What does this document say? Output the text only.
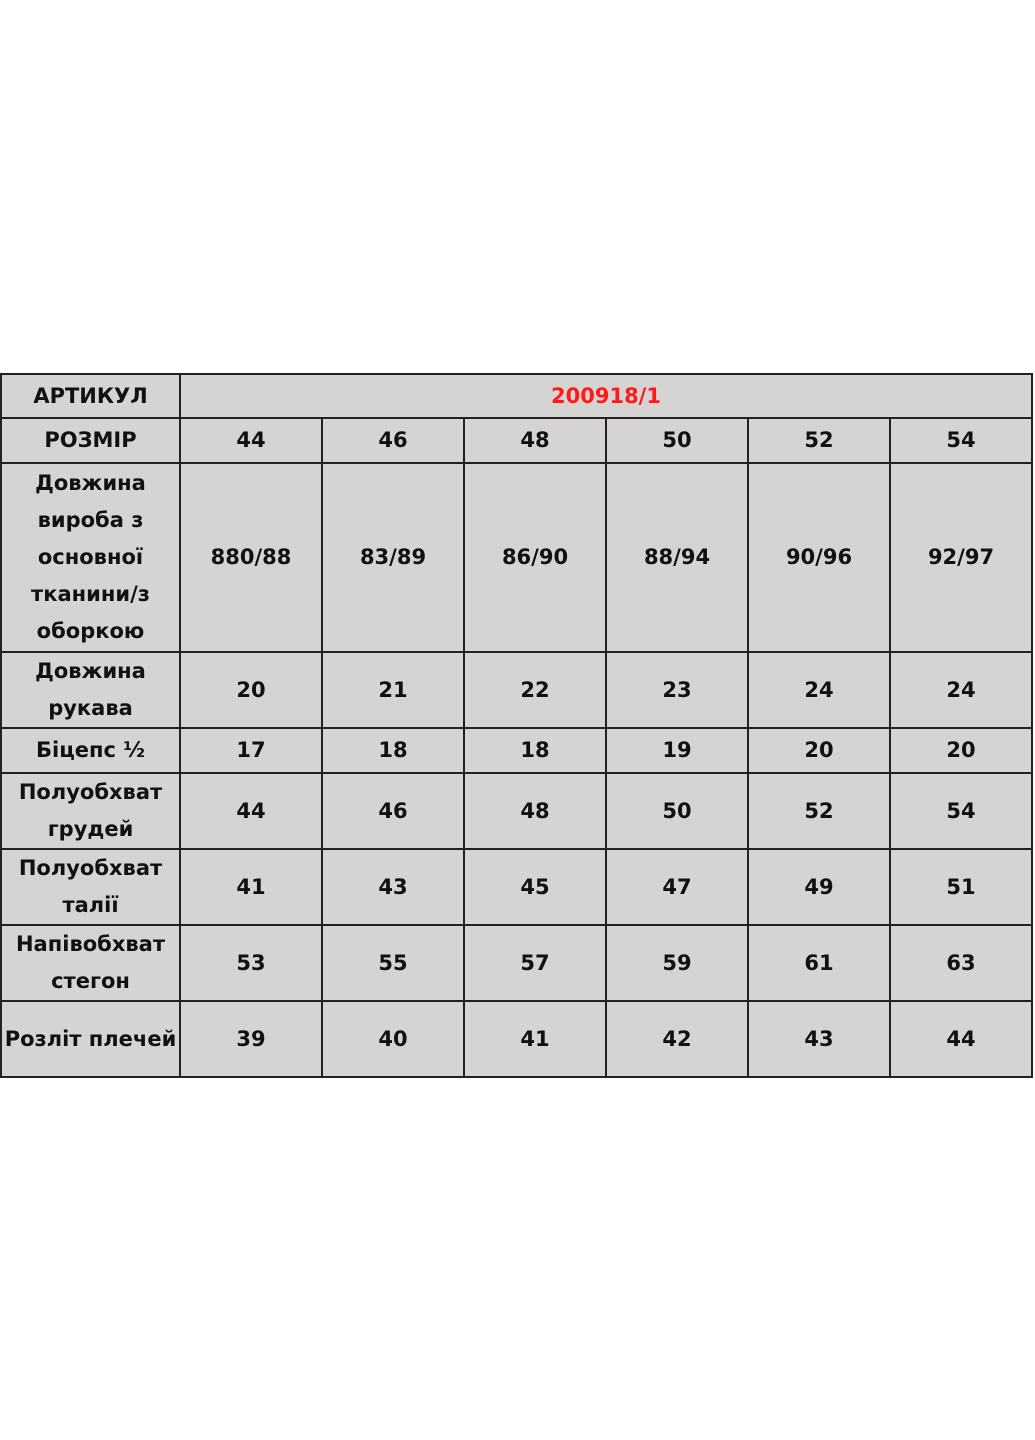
АРТИКУЛ	200918/1					
РОЗМІР	44	46	48	50	52	54
Довжина виробa з основної тканини/з оборкою	880/88	83/89	86/90	88/94	90/96	92/97
Довжина рукава	20	21	22	23	24	24
Біцепс ½	17	18	18	19	20	20
Полуобхват грудей	44	46	48	50	52	54
Полуобхват талії	41	43	45	47	49	51
Напівобхват стегон	53	55	57	59	61	63
Розліт плечей	39	40	41	42	43	44
